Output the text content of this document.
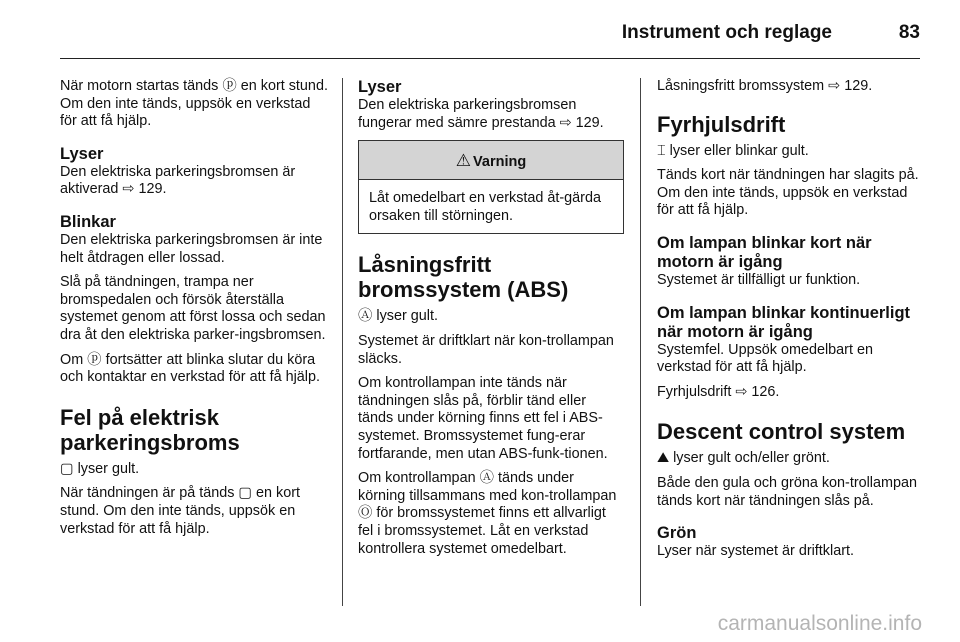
Instrument och reglage	83

När motorn startas tänds ⓟ en kort stund. Om den inte tänds, uppsök en verkstad för att få hjälp.

Lyser

Den elektriska parkeringsbromsen är aktiverad ⇨ 129.

Blinkar

Den elektriska parkeringsbromsen är inte helt åtdragen eller lossad.

Slå på tändningen, trampa ner bromspedalen och försök återställa systemet genom att först lossa och sedan dra åt den elektriska parker-ingsbromsen.

Om ⓟ fortsätter att blinka slutar du köra och kontaktar en verkstad för att få hjälp.

Fel på elektrisk parkeringsbroms

▢ lyser gult.

När tändningen är på tänds ▢ en kort stund. Om den inte tänds, uppsök en verkstad för att få hjälp.

Lyser

Den elektriska parkeringsbromsen fungerar med sämre prestanda ⇨ 129.

⚠ Varning
Låt omedelbart en verkstad åt-gärda orsaken till störningen.
Låsningsfritt bromssystem (ABS)

Ⓐ lyser gult.

Systemet är driftklart när kon-trollampan släcks.

Om kontrollampan inte tänds när tändningen slås på, förblir tänd eller tänds under körning finns ett fel i ABS-systemet. Bromssystemet fung-erar fortfarande, men utan ABS-funk-tionen.

Om kontrollampan Ⓐ tänds under körning tillsammans med kon-trollampan Ⓞ för bromssystemet finns ett allvarligt fel i bromssystemet. Låt en verkstad kontrollera systemet omedelbart.

Låsningsfritt bromssystem ⇨ 129.

Fyrhjulsdrift

⌶ lyser eller blinkar gult.

Tänds kort när tändningen har slagits på. Om den inte tänds, uppsök en verkstad för att få hjälp.

Om lampan blinkar kort när motorn är igång

Systemet är tillfälligt ur funktion.

Om lampan blinkar kontinuerligt när motorn är igång

Systemfel. Uppsök omedelbart en verkstad för att få hjälp.

Fyrhjulsdrift ⇨ 126.

Descent control system

⛰ lyser gult och/eller grönt.

Både den gula och gröna kon-trollampan tänds kort när tändningen slås på.

Grön

Lyser när systemet är driftklart.

carmanualsonline.info
